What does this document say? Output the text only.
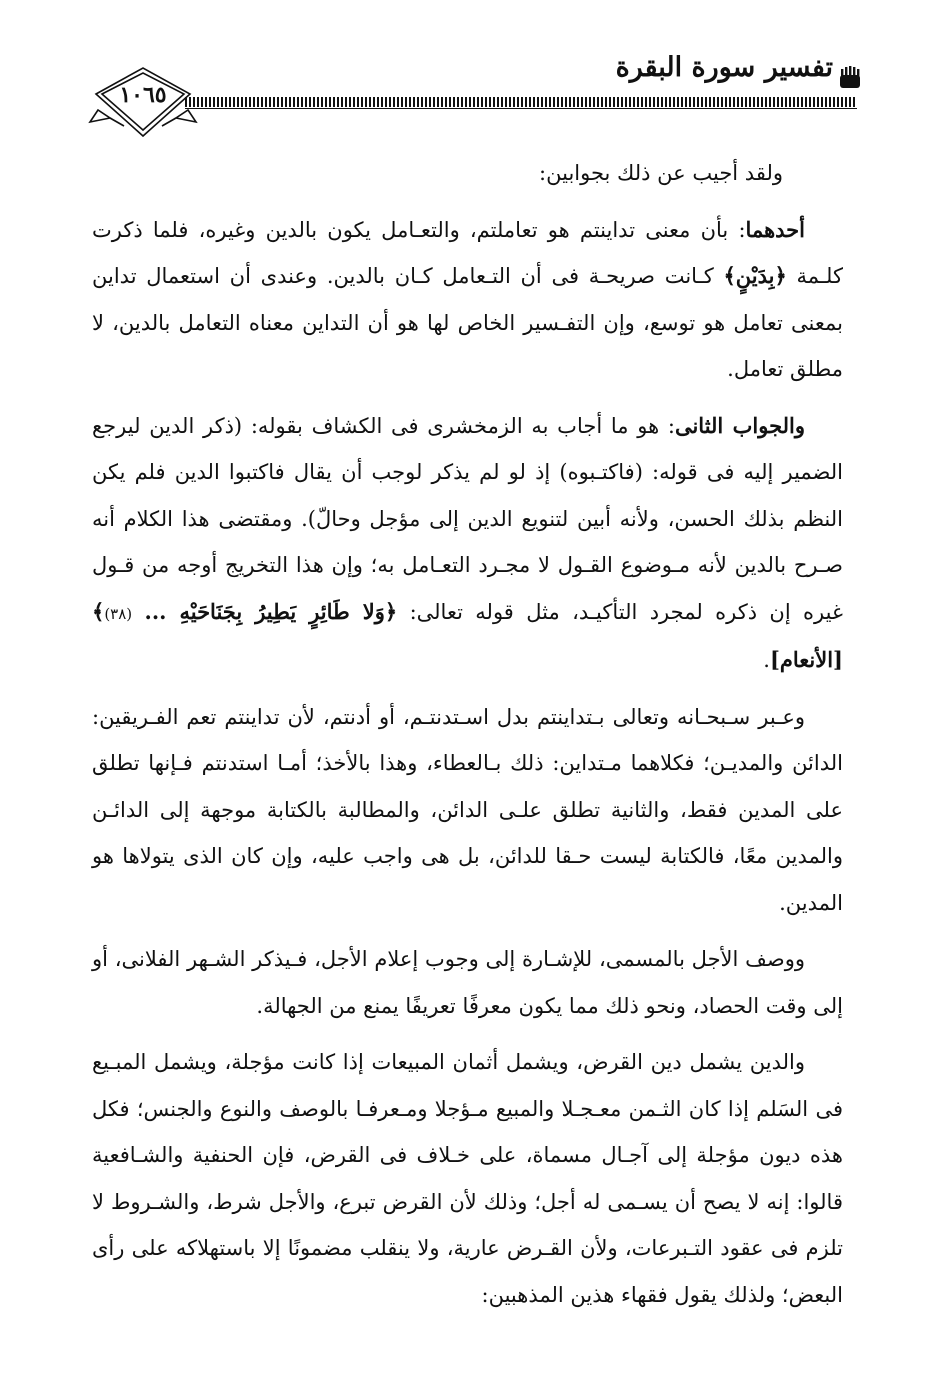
تفسير سورة البقرة
١٠٦٥

ولقد أجيب عن ذلك بجوابين:

أحدهما: بأن معنى تداينتم هو تعاملتم، والتعـامل يكون بالدين وغيره، فلما ذكرت كلـمة ﴿بِدَيْنٍ﴾ كـانت صريحـة فى أن التـعامل كـان بالدين. وعندى أن استعمال تداين بمعنى تعامل هو توسع، وإن التفـسير الخاص لها هو أن التداين معناه التعامل بالدين، لا مطلق تعامل.

والجواب الثانى: هو ما أجاب به الزمخشرى فى الكشاف بقوله: (ذكر الدين ليرجع الضمير إليه فى قوله: (فاكتـبوه) إذ لو لم يذكر لوجب أن يقال فاكتبوا الدين فلم يكن النظم بذلك الحسن، ولأنه أبين لتنويع الدين إلى مؤجل وحالّ). ومقتضى هذا الكلام أنه صـرح بالدين لأنه مـوضوع القـول لا مجـرد التعـامل به؛ وإن هذا التخريج أوجه من قـول غيره إن ذكره لمجرد التأكيـد، مثل قوله تعالى: ﴿وَلا طَائِرٍ يَطِيرُ بِجَنَاحَيْهِ ... (٣٨)﴾ [الأنعام].

وعـبر سـبحـانه وتعالى بـتداينتم بدل اسـتدنتـم، أو أدنتم، لأن تداينتم تعم الفـريقين: الدائن والمديـن؛ فكلاهما مـتداين: ذلك بـالعطاء، وهذا بالأخذ؛ أمـا استدنتم فـإنها تطلق على المدين فقط، والثانية تطلق علـى الدائن، والمطالبة بالكتابة موجهة إلى الدائـن والمدين معًا، فالكتابة ليست حـقا للدائن، بل هى واجب عليه، وإن كان الذى يتولاها هو المدين.

ووصف الأجل بالمسمى، للإشـارة إلى وجوب إعلام الأجل، فـيذكر الشـهر الفلانى، أو إلى وقت الحصاد، ونحو ذلك مما يكون معرفًا تعريفًا يمنع من الجهالة.

والدين يشمل دين القرض، ويشمل أثمان المبيعات إذا كانت مؤجلة، ويشمل المبـيع فى السَلم إذا كان الثـمن معـجـلا والمبيع مـؤجلا ومـعرفـا بالوصف والنوع والجنس؛ فكل هذه ديون مؤجلة إلى آجـال مسماة، على خـلاف فى القرض، فإن الحنفية والشـافعية قالوا: إنه لا يصح أن يسـمى له أجل؛ وذلك لأن القرض تبرع، والأجل شرط، والشـروط لا تلزم فى عقود التـبرعات، ولأن القـرض عارية، ولا ينقلب مضمونًا إلا باستهلاكه على رأى البعض؛ ولذلك يقول فقهاء هذين المذهبين:
